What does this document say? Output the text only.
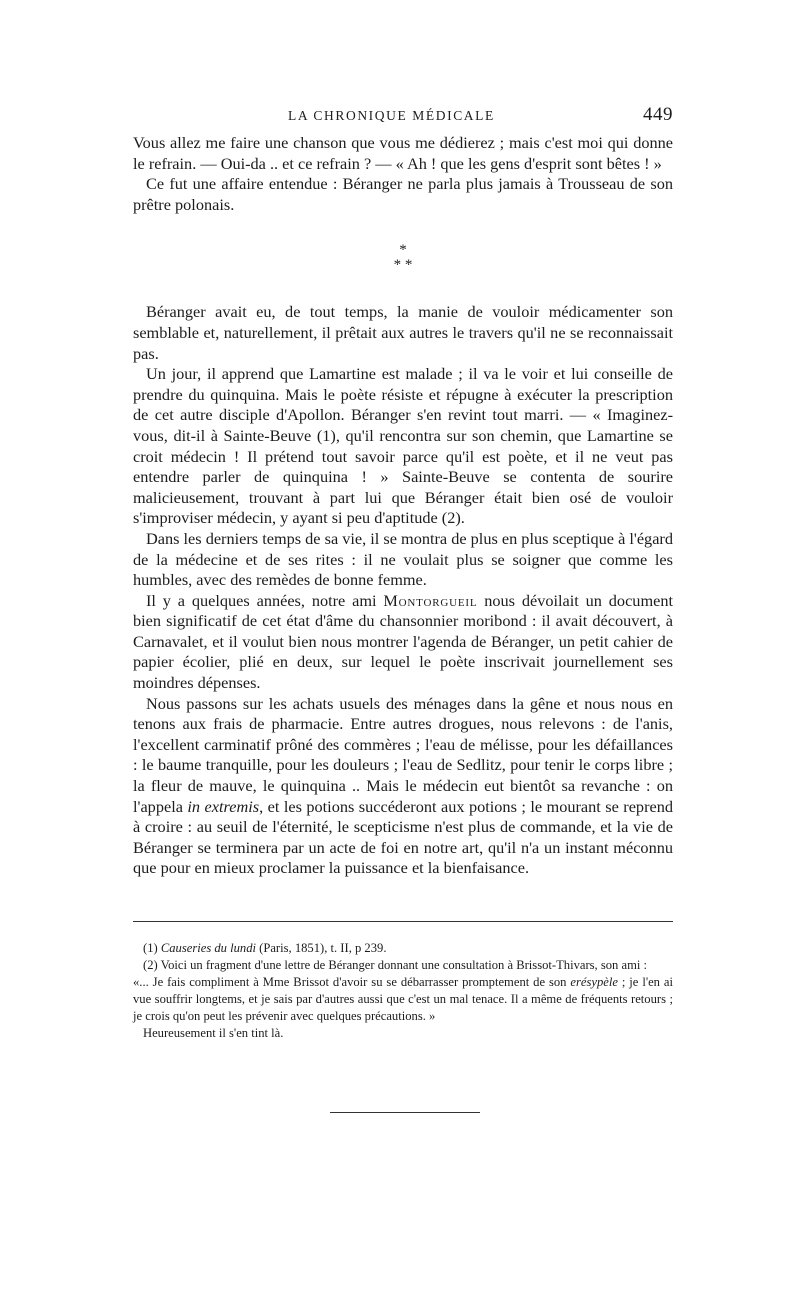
LA CHRONIQUE MÉDICALE	449

Vous allez me faire une chanson que vous me dédierez ; mais c'est moi qui donne le refrain. — Oui-da .. et ce refrain ? — « Ah ! que les gens d'esprit sont bêtes ! »

Ce fut une affaire entendue : Béranger ne parla plus jamais à Trousseau de son prêtre polonais.

*
* *

Béranger avait eu, de tout temps, la manie de vouloir médicamenter son semblable et, naturellement, il prêtait aux autres le travers qu'il ne se reconnaissait pas.

Un jour, il apprend que Lamartine est malade ; il va le voir et lui conseille de prendre du quinquina. Mais le poète résiste et répugne à exécuter la prescription de cet autre disciple d'Apollon. Béranger s'en revint tout marri. — « Imaginez-vous, dit-il à Sainte-Beuve (1), qu'il rencontra sur son chemin, que Lamartine se croit médecin ! Il prétend tout savoir parce qu'il est poète, et il ne veut pas entendre parler de quinquina ! » Sainte-Beuve se contenta de sourire malicieusement, trouvant à part lui que Béranger était bien osé de vouloir s'improviser médecin, y ayant si peu d'aptitude (2).

Dans les derniers temps de sa vie, il se montra de plus en plus sceptique à l'égard de la médecine et de ses rites : il ne voulait plus se soigner que comme les humbles, avec des remèdes de bonne femme.

Il y a quelques années, notre ami Montorgueil nous dévoilait un document bien significatif de cet état d'âme du chansonnier moribond : il avait découvert, à Carnavalet, et il voulut bien nous montrer l'agenda de Béranger, un petit cahier de papier écolier, plié en deux, sur lequel le poète inscrivait journellement ses moindres dépenses.

Nous passons sur les achats usuels des ménages dans la gêne et nous nous en tenons aux frais de pharmacie. Entre autres drogues, nous relevons : de l'anis, l'excellent carminatif prôné des commères ; l'eau de mélisse, pour les défaillances : le baume tranquille, pour les douleurs ; l'eau de Sedlitz, pour tenir le corps libre ; la fleur de mauve, le quinquina .. Mais le médecin eut bientôt sa revanche : on l'appela in extremis, et les potions succéderont aux potions ; le mourant se reprend à croire : au seuil de l'éternité, le scepticisme n'est plus de commande, et la vie de Béranger se terminera par un acte de foi en notre art, qu'il n'a un instant méconnu que pour en mieux proclamer la puissance et la bienfaisance.

(1) Causeries du lundi (Paris, 1851), t. II, p 239.

(2) Voici un fragment d'une lettre de Béranger donnant une consultation à Brissot-Thivars, son ami :

«... Je fais compliment à Mme Brissot d'avoir su se débarrasser promptement de son erésypèle ; je l'en ai vue souffrir longtems, et je sais par d'autres aussi que c'est un mal tenace. Il a même de fréquents retours ; je crois qu'on peut les prévenir avec quelques précautions. »

Heureusement il s'en tint là.
